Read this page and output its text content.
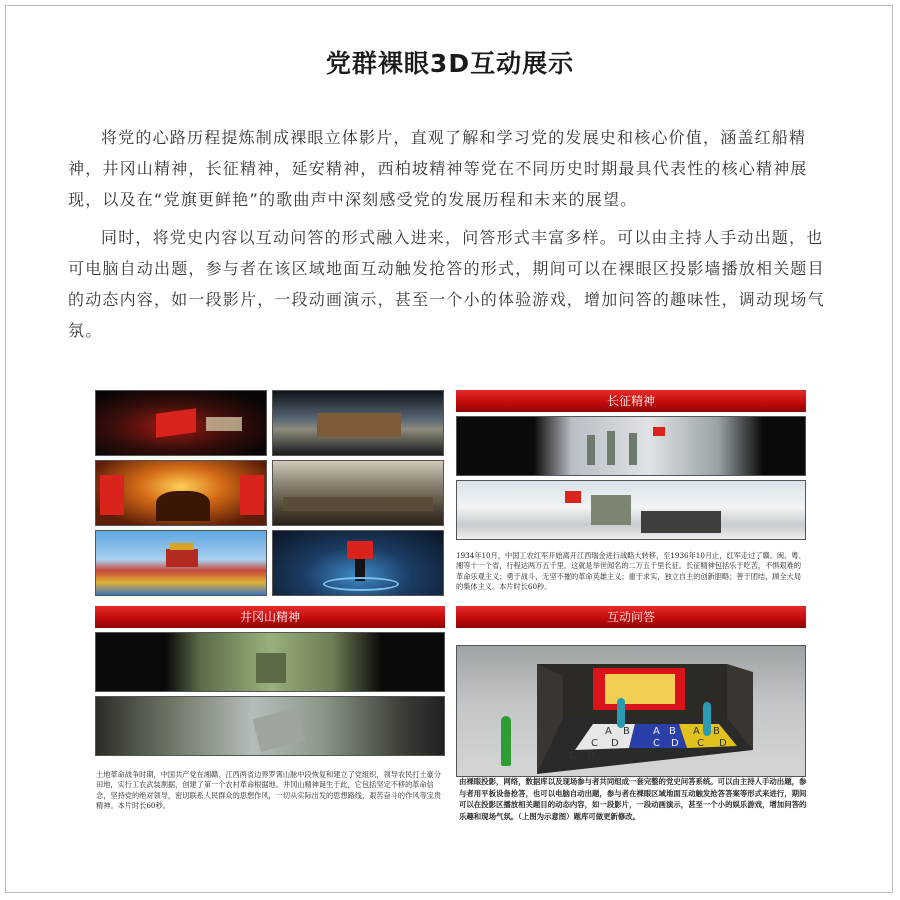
党群裸眼3D互动展示

将党的心路历程提炼制成裸眼立体影片，直观了解和学习党的发展史和核心价值，涵盖红船精神，井冈山精神，长征精神，延安精神，西柏坡精神等党在不同历史时期最具代表性的核心精神展现，以及在“党旗更鲜艳”的歌曲声中深刻感受党的发展历程和未来的展望。

同时，将党史内容以互动问答的形式融入进来，问答形式丰富多样。可以由主持人手动出题，也可电脑自动出题，参与者在该区域地面互动触发抢答的形式，期间可以在裸眼区投影墙播放相关题目的动态内容，如一段影片，一段动画演示，甚至一个小的体验游戏，增加问答的趣味性，调动现场气氛。

长征精神

1934年10月，中国工农红军开始离开江西瑞金进行战略大转移，至1936年10月止，红军走过了赣、闽、粤、湘等十一个省，行程达两万五千里。这就是举世闻名的二万五千里长征。长征精神包括乐于吃苦，不惧艰难的革命乐观主义；勇于战斗，无坚不摧的革命英雄主义；重于求实，独立自主的创新胆略；善于团结，顾全大局的集体主义。本片时长60秒。

井冈山精神

土地革命战争时期，中国共产党在湘赣、江西两省边界罗霄山脉中段恢复和建立了党组织，领导农民打土豪分田地，实行工农武装割据，创建了第一个农村革命根据地。井冈山精神诞生于此，它包括坚定不移的革命信念，坚持党的绝对领导，密切联系人民群众的思想作风，一切从实际出发的思想路线，艰苦奋斗的作风等宝贵精神。本片时长60秒。

互动问答
A B A B
C D	C D
A B
C D
C D

由裸眼投影，网络，数据库以及现场参与者共同组成一套完整的党史问答系统。可以由主持人手动出题，参与者用平板设备抢答，也可以电脑自动出题，参与者在裸眼区域地面互动触发抢答答案等形式来进行，期间可以在投影区播放相关题目的动态内容，如一段影片，一段动画演示，甚至一个小的娱乐游戏，增加问答的乐趣和现场气氛。（上图为示意图）题库可做更新修改。
